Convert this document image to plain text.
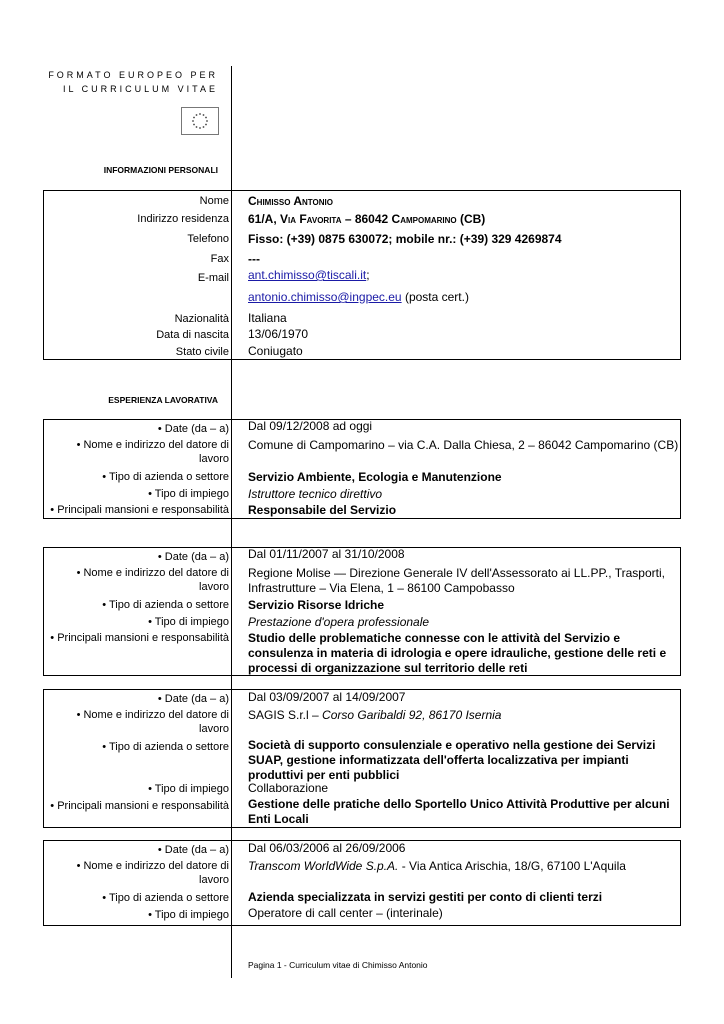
FORMATO EUROPEO PER
IL CURRICULUM VITAE
INFORMAZIONI PERSONALI
Nome Chimisso Antonio
Indirizzo residenza 61/A, Via Favorita – 86042 Campomarino (CB)
Telefono Fisso: (+39) 0875 630072; mobile nr.: (+39) 329 4269874
Fax ---
E-mail ant.chimisso@tiscali.it;
antonio.chimisso@ingpec.eu (posta cert.)
Nazionalità Italiana
Data di nascita 13/06/1970
Stato civile Coniugato
ESPERIENZA LAVORATIVA
• Date (da – a) Dal 09/12/2008 ad oggi
• Nome e indirizzo del datore di
lavoro
Comune di Campomarino – via C.A. Dalla Chiesa, 2 – 86042 Campomarino (CB)
• Tipo di azienda o settore Servizio Ambiente, Ecologia e Manutenzione
• Tipo di impiego Istruttore tecnico direttivo
• Principali mansioni e responsabilità Responsabile del Servizio
• Date (da – a) Dal 01/11/2007 al 31/10/2008
• Nome e indirizzo del datore di
lavoro
Regione Molise — Direzione Generale IV dell'Assessorato ai LL.PP., Trasporti, Infrastrutture – Via Elena, 1 – 86100 Campobasso
• Tipo di azienda o settore Servizio Risorse Idriche
• Tipo di impiego Prestazione d'opera professionale
• Principali mansioni e responsabilità Studio delle problematiche connesse con le attività del Servizio e consulenza in materia di idrologia e opere idrauliche, gestione delle reti e processi di organizzazione sul territorio delle reti
• Date (da – a) Dal 03/09/2007 al 14/09/2007
• Nome e indirizzo del datore di
lavoro
SAGIS S.r.l – Corso Garibaldi 92, 86170 Isernia
• Tipo di azienda o settore Società di supporto consulenziale e operativo nella gestione dei Servizi SUAP, gestione informatizzata dell'offerta localizzativa per impianti produttivi per enti pubblici
• Tipo di impiego Collaborazione
• Principali mansioni e responsabilità Gestione delle pratiche dello Sportello Unico Attività Produttive per alcuni Enti Locali
• Date (da – a) Dal 06/03/2006 al 26/09/2006
• Nome e indirizzo del datore di
lavoro
Transcom WorldWide S.p.A. - Via Antica Arischia, 18/G, 67100 L'Aquila
• Tipo di azienda o settore Azienda specializzata in servizi gestiti per conto di clienti terzi
• Tipo di impiego Operatore di call center – (interinale)
Pagina 1 - Curriculum vitae di Chimisso Antonio
